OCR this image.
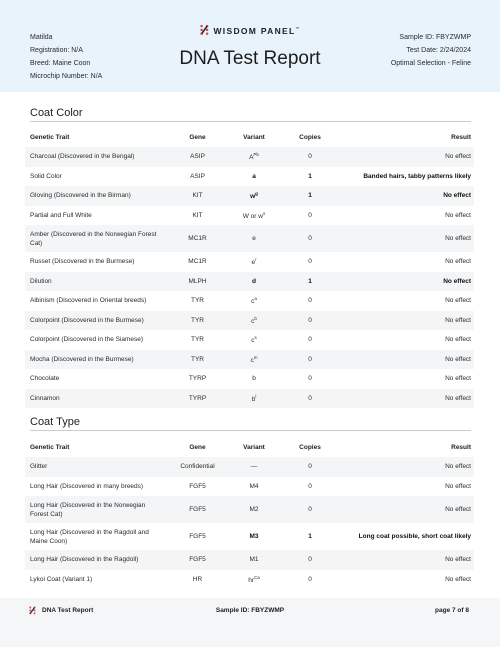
Matilda
Registration: N/A
Breed: Maine Coon
Microchip Number: N/A
WISDOM PANEL™
DNA Test Report
Sample ID: FBYZWMP
Test Date: 2/24/2024
Optimal Selection - Feline
Coat Color
Genetic Trait	Gene	Variant	Copies	Result
Charcoal (Discovered in the Bengal)	ASIP	$A^{Pb}$	0	No effect
Solid Color	ASIP	a	1	Banded hairs, tabby patterns likely
Gloving (Discovered in the Birman)	KIT	$w^g$	1	No effect
Partial and Full White	KIT	W or $w^s$	0	No effect
Amber (Discovered in the Norwegian Forest Cat)	MC1R	e	0	No effect
Russet (Discovered in the Burmese)	MC1R	$e^r$	0	No effect
Dilution	MLPH	d	1	No effect
Albinism (Discovered in Oriental breeds)	TYR	$c^a$	0	No effect
Colorpoint (Discovered in the Burmese)	TYR	$c^b$	0	No effect
Colorpoint (Discovered in the Siamese)	TYR	$c^s$	0	No effect
Mocha (Discovered in the Burmese)	TYR	$c^m$	0	No effect
Chocolate	TYRP	b	0	No effect
Cinnamon	TYRP	$b^l$	0	No effect
Coat Type
Genetic Trait	Gene	Variant	Copies	Result
Glitter	Confidential	—	0	No effect
Long Hair (Discovered in many breeds)	FGF5	M4	0	No effect
Long Hair (Discovered in the Norwegian Forest Cat)	FGF5	M2	0	No effect
Long Hair (Discovered in the Ragdoll and Maine Coon)	FGF5	M3	1	Long coat possible, short coat likely
Long Hair (Discovered in the Ragdoll)	FGF5	M1	0	No effect
Lykoi Coat (Variant 1)	HR	$hr^{Ca}$	0	No effect
DNA Test Report	Sample ID: FBYZWMP	page 7 of 8
